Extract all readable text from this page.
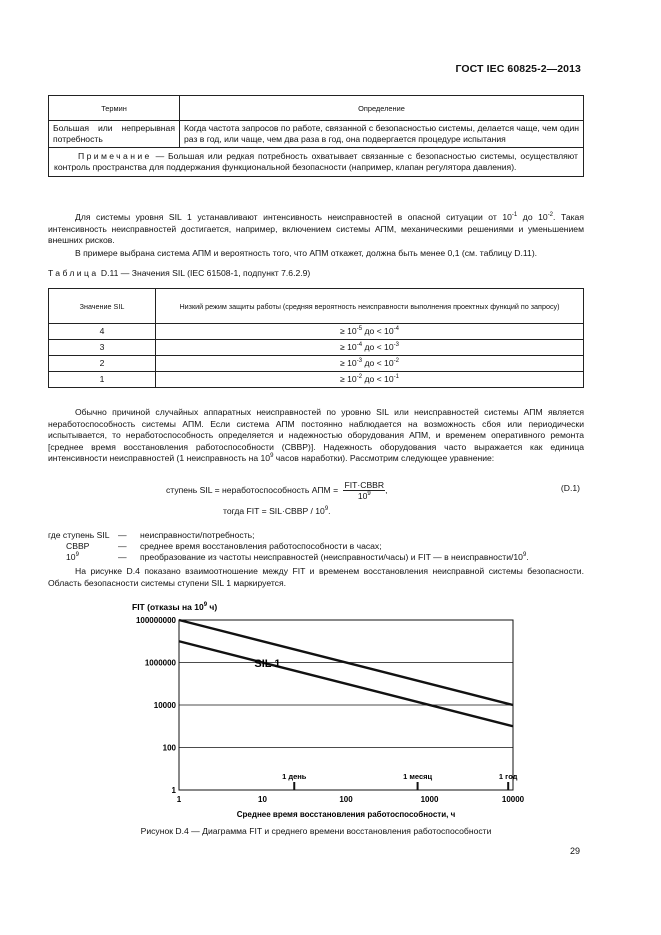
ГОСТ IEC 60825-2—2013
Термин	Определение
Большая или непрерывная потребность	Когда частота запросов по работе, связанной с безопасностью системы, делается чаще, чем один раз в год, или чаще, чем два раза в год, она подвергается процедуре испытания
Примечание — Большая или редкая потребность охватывает связанные с безопасностью системы, осуществляют контроль пространства для поддержания функциональной безопасности (например, клапан регулятора давления).	
Для системы уровня SIL 1 устанавливают интенсивность неисправностей в опасной ситуации от $10^{-1}$ до $10^{-2}$. Такая интенсивность неисправностей достигается, например, включением системы АПМ, механическими решениями и уменьшением внешних рисков.
В примере выбрана система АПМ и вероятность того, что АПМ откажет, должна быть менее 0,1 (см. таблицу D.11).
Таблица D.11 — Значения SIL (IEC 61508-1, подпункт 7.6.2.9)
Значение SIL	Низкий режим защиты работы (средняя вероятность неисправности выполнения проектных функций по запросу)
4	≥ $10^{-5}$ до < $10^{-4}$
3	≥ $10^{-4}$ до < $10^{-3}$
2	≥ $10^{-3}$ до < $10^{-2}$
1	≥ $10^{-2}$ до < $10^{-1}$
Обычно причиной случайных аппаратных неисправностей по уровню SIL или неисправностей системы АПМ является неработоспособность системы АПМ. Если система АПМ постоянно наблюдается на возможность сбоя или периодически испытывается, то неработоспособность определяется и надежностью оборудования АПМ, и временем оперативного ремонта [среднее время восстановления работоспособности (СВВР)]. Надежность оборудования часто выражается как единица интенсивности неисправностей (1 неисправность на $10^9$ часов наработки). Рассмотрим следующее уравнение:
ступень SIL = неработоспособность АПМ = $\frac{\text{FIT·CBBR}}{10^9}$ ,	(D.1)
тогда FIT = SIL·CBBP / $10^9$.
где ступень SIL —	неисправности/потребность;
CBBP	—	среднее время восстановления работоспособности в часах;
$10^9$	—	преобразование из частоты неисправностей (неисправности/часы) и FIT — в неисправности/$10^9$.
На рисунке D.4 показано взаимоотношение между FIT и временем восстановления неисправной системы безопасности. Область безопасности системы ступени SIL 1 маркируется.
FIT (отказы на $10^9$ ч)
100000000
1000000
10000
100
1
1	10	100	1000	10000
1 день	1 месяц	1 год
SIL 1
Среднее время восстановления работоспособности, ч
Рисунок D.4 — Диаграмма FIT и среднего времени восстановления работоспособности
29
